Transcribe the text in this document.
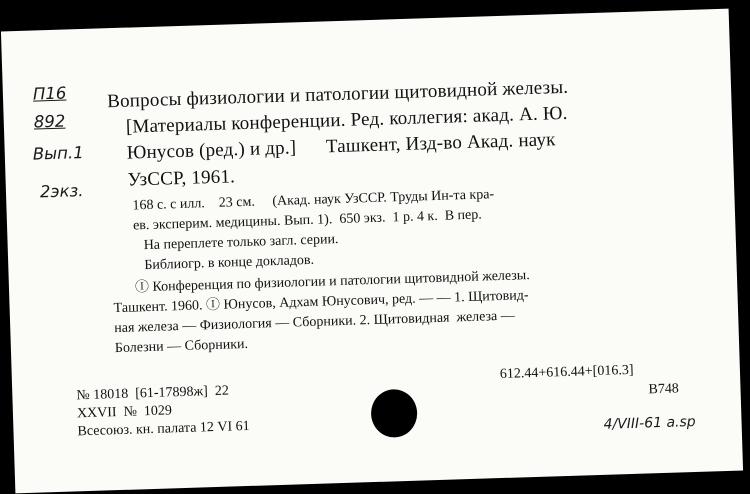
П16
892
Вып.1
2экз.
Вопросы физиологии и патологии щитовидной железы.
[Материалы конференции. Ред. коллегия: акад. А. Ю.
Юнусов (ред.) и др.]      Ташкент, Изд-во Акад. наук
УзССР, 1961.
168 с. с илл.    23 см.     (Акад. наук УзССР. Труды Ин-та кра-
ев. эксперим. медицины. Вып. 1).  650 экз.  1 р. 4 к.  В пер.
На переплете только загл. серии.
Библиогр. в конце докладов.
Ⓘ Конференция по физиологии и патологии щитовидной железы.
Ташкент. 1960. Ⓘ Юнусов, Адхам Юнусович, ред. — — 1. Щитовид-
ная железа — Физиология — Сборники. 2. Щитовидная  железа —
Болезни — Сборники.
№ 18018  [61-17898ж]  22
XXVII  №  1029
Всесоюз. кн. палата 12 VI 61
612.44+616.44+[016.3]
B748
4/VIII-61 a.sp
